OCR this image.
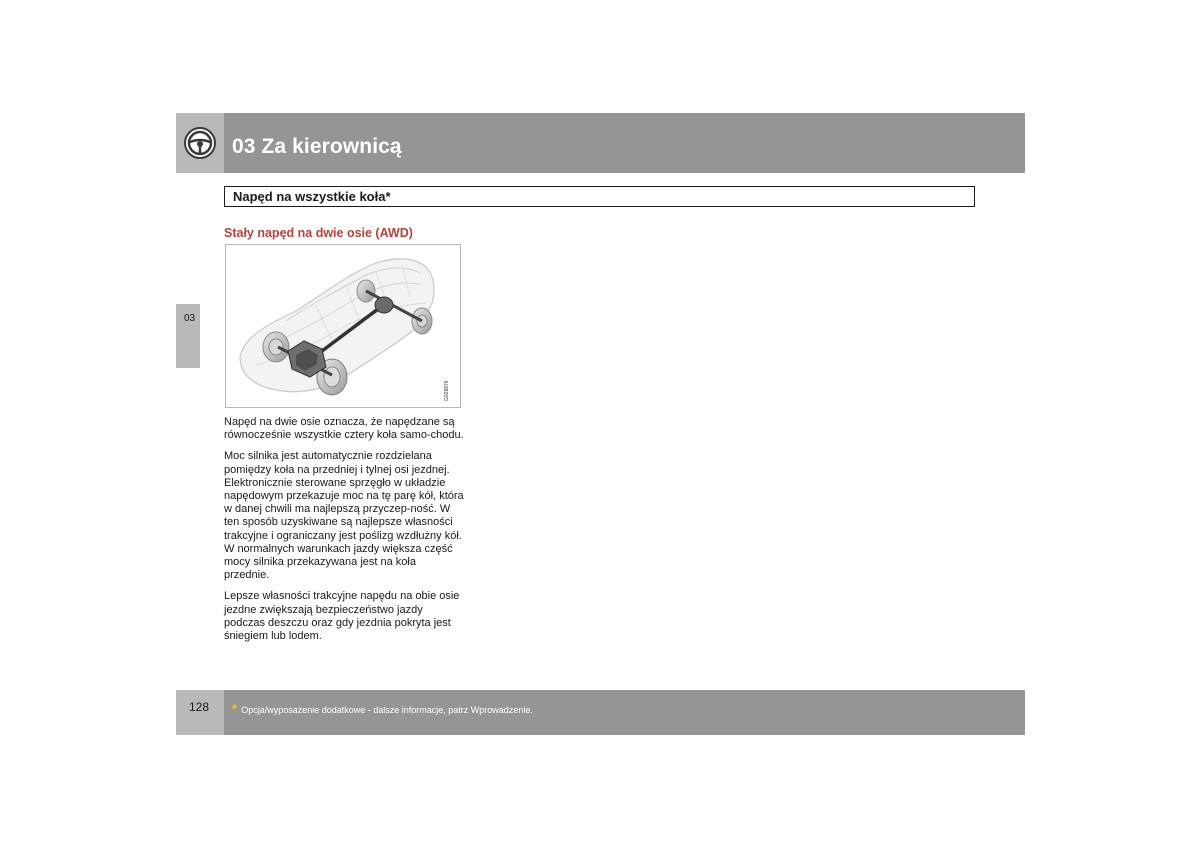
03 Za kierownicą
03
Napęd na wszystkie koła*
Stały napęd na dwie osie (AWD)
G028876

Napęd na dwie osie oznacza, że napędzane są równocześnie wszystkie cztery koła samo-chodu.

Moc silnika jest automatycznie rozdzielana pomiędzy koła na przedniej i tylnej osi jezdnej. Elektronicznie sterowane sprzęgło w układzie napędowym przekazuje moc na tę parę kół, która w danej chwili ma najlepszą przyczep-ność. W ten sposób uzyskiwane są najlepsze własności trakcyjne i ograniczany jest poślizg wzdłużny kół. W normalnych warunkach jazdy większa część mocy silnika przekazywana jest na koła przednie.

Lepsze własności trakcyjne napędu na obie osie jezdne zwiększają bezpieczeństwo jazdy podczas deszczu oraz gdy jezdnia pokryta jest śniegiem lub lodem.

128 * Opcja/wyposażenie dodatkowe - dalsze informacje, patrz Wprowadzenie.
